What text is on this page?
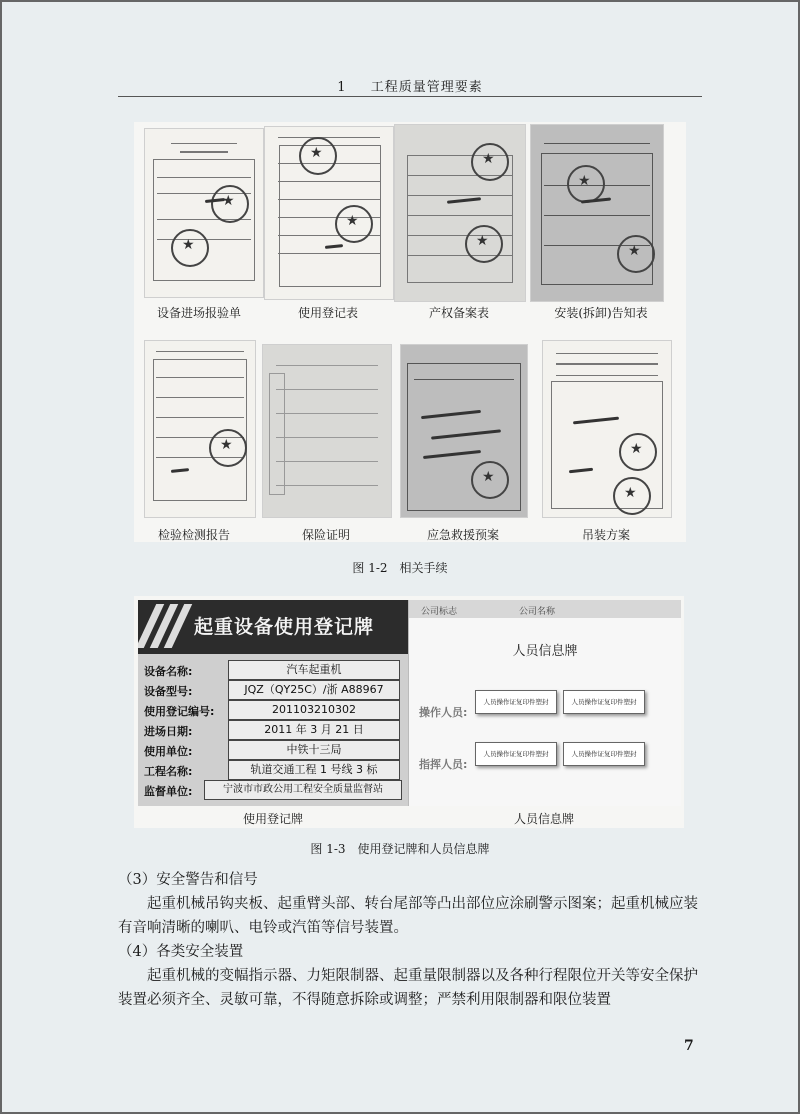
1 工程质量管理要素
★
★
★
★
★
★
★
★
设备进场报验单	使用登记表	产权备案表	安装(拆卸)告知表
★
★
★
★
检验检测报告	保险证明	应急救援预案	吊装方案
图 1-2　相关手续
起重设备使用登记牌
设备名称:	汽车起重机
设备型号:	JQZ（QY25C）/浙 A88967
使用登记编号:	201103210302
进场日期:	2011 年 3 月 21 日
使用单位:	中铁十三局
工程名称:	轨道交通工程 1 号线 3 标
监督单位:	宁波市市政公用工程安全质量监督站
公司标志	公司名称
人员信息牌
操作人员:
人员操作证复印件塑封	人员操作证复印件塑封
指挥人员:
人员操作证复印件塑封	人员操作证复印件塑封
使用登记牌	人员信息牌
图 1-3　使用登记牌和人员信息牌
（3）安全警告和信号
起重机械吊钩夹板、起重臂头部、转台尾部等凸出部位应涂刷警示图案；起重机械应装有音响清晰的喇叭、电铃或汽笛等信号装置。
（4）各类安全装置
起重机械的变幅指示器、力矩限制器、起重量限制器以及各种行程限位开关等安全保护装置必须齐全、灵敏可靠，不得随意拆除或调整；严禁利用限制器和限位装置
7
